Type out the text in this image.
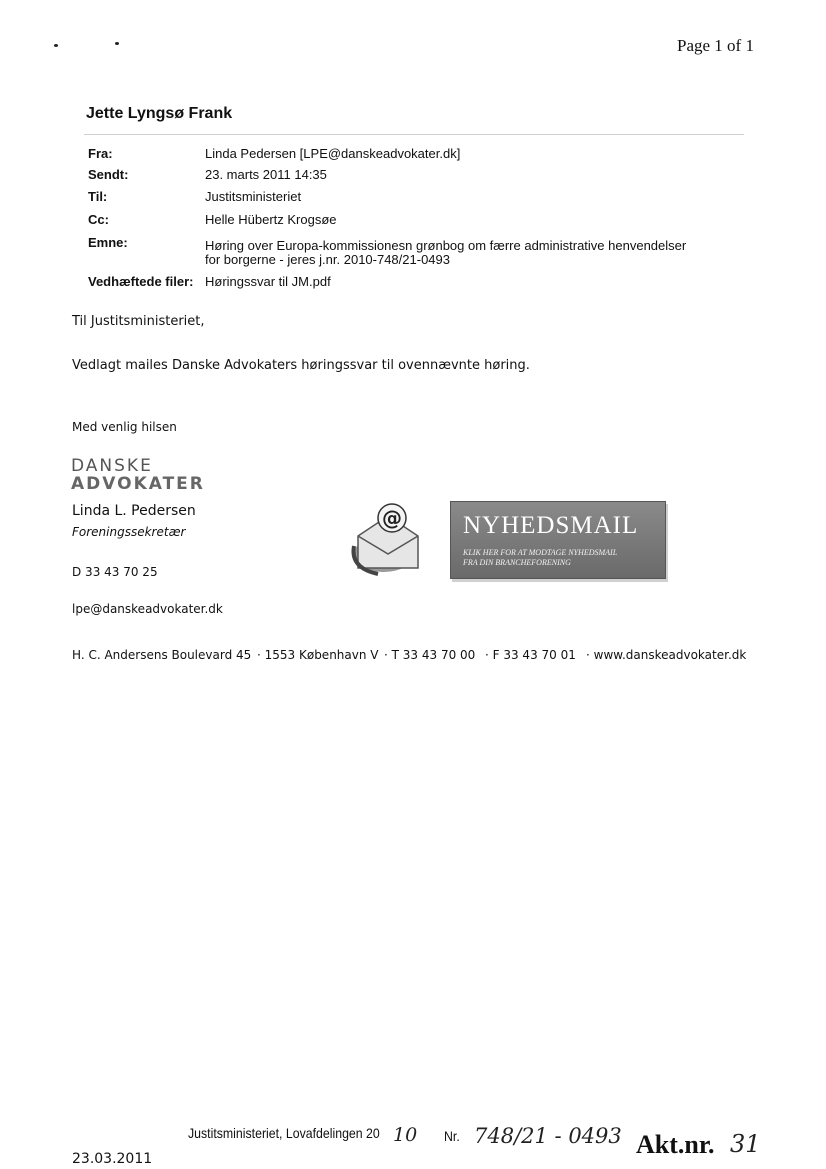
Page 1 of 1
Jette Lyngsø Frank
Fra:	Linda Pedersen [LPE@danskeadvokater.dk]
Sendt:	23. marts 2011 14:35
Til:	Justitsministeriet
Cc:	Helle Hübertz Krogsøe
Emne:	Høring over Europa-kommissionesn grønbog om færre administrative henvendelser
for borgerne - jeres j.nr. 2010-748/21-0493
Vedhæftede filer: Høringssvar til JM.pdf
Til Justitsministeriet,
Vedlagt mailes Danske Advokaters høringssvar til ovennævnte høring.
Med venlig hilsen
DANSKE
ADVOKATER
Linda L. Pedersen
Foreningssekretær
D 33 43 70 25
lpe@danskeadvokater.dk
@ NYHEDSMAIL
KLIK HER FOR AT MODTAGE NYHEDSMAIL
FRA DIN BRANCHEFORENING
H. C. Andersens Boulevard 45 · 1553 København V · T 33 43 70 00 · F 33 43 70 01 · www.danskeadvokater.dk
23.03.2011
Justitsministeriet, Lovafdelingen 20 10 Nr. 748/21 - 0493 Akt.nr. 31
